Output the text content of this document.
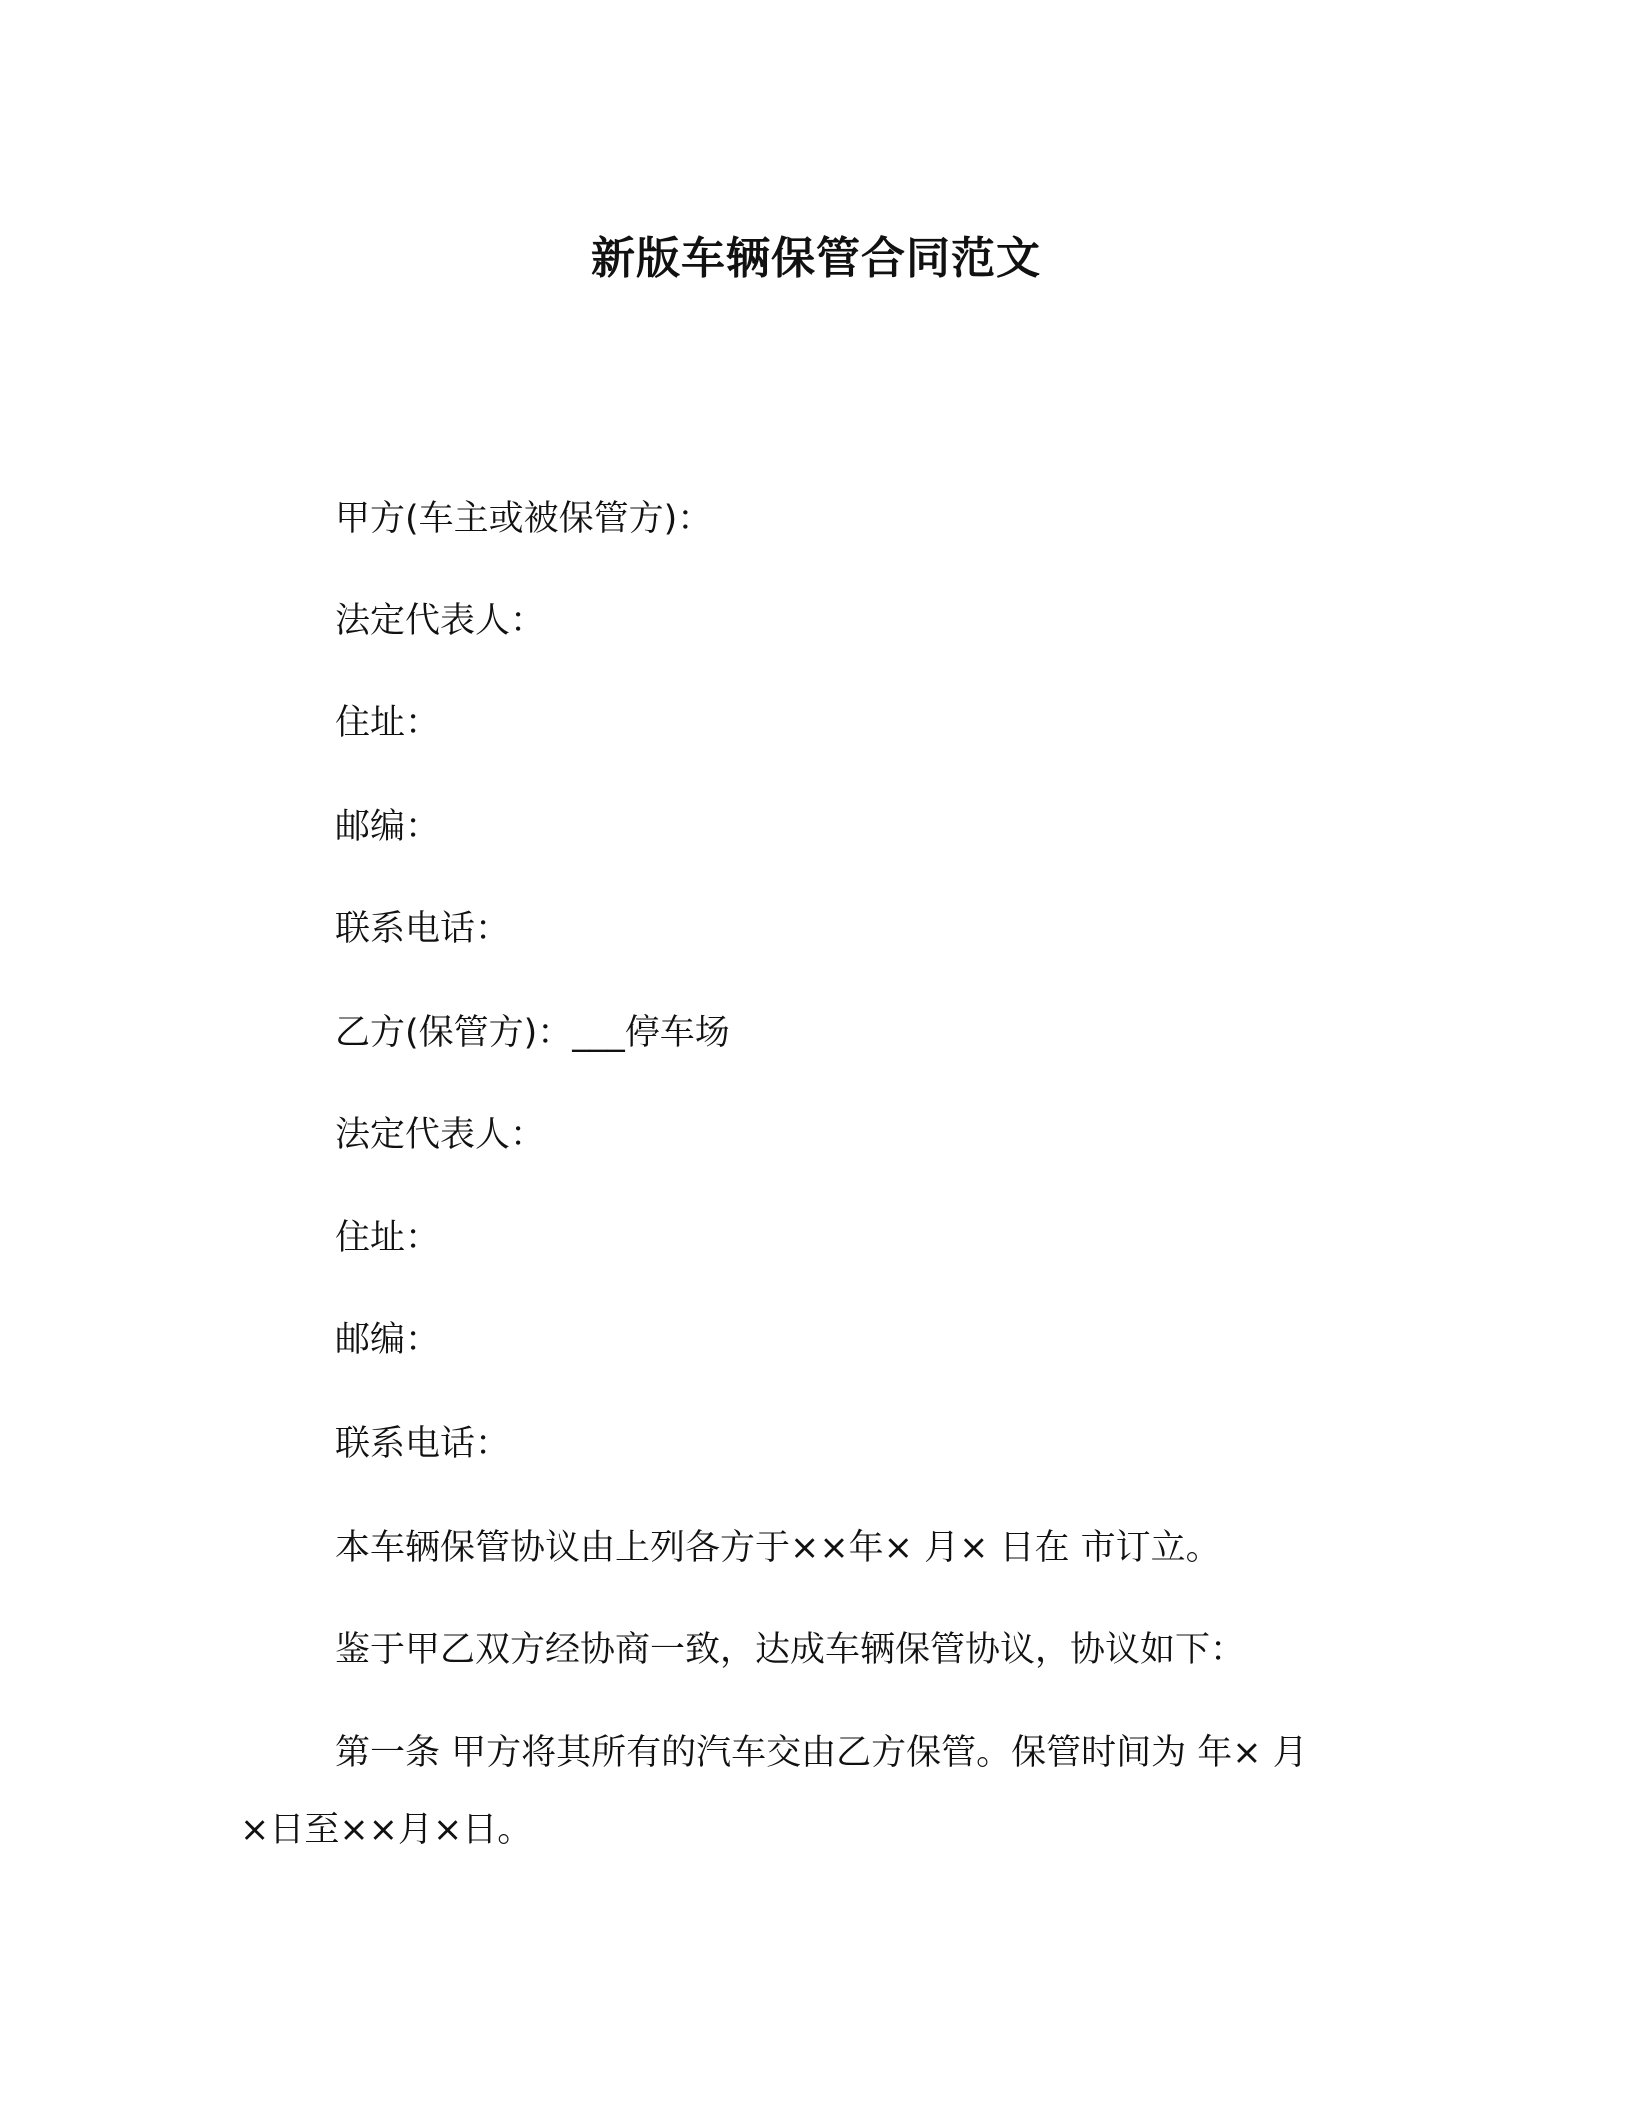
新版车辆保管合同范文

甲方(车主或被保管方)：

法定代表人：

住址：

邮编：

联系电话：

乙方(保管方)：___停车场

法定代表人：

住址：

邮编：

联系电话：

本车辆保管协议由上列各方于××年× 月× 日在 市订立。

鉴于甲乙双方经协商一致，达成车辆保管协议，协议如下：

第一条 甲方将其所有的汽车交由乙方保管。保管时间为 年× 月

×日至××月×日。
